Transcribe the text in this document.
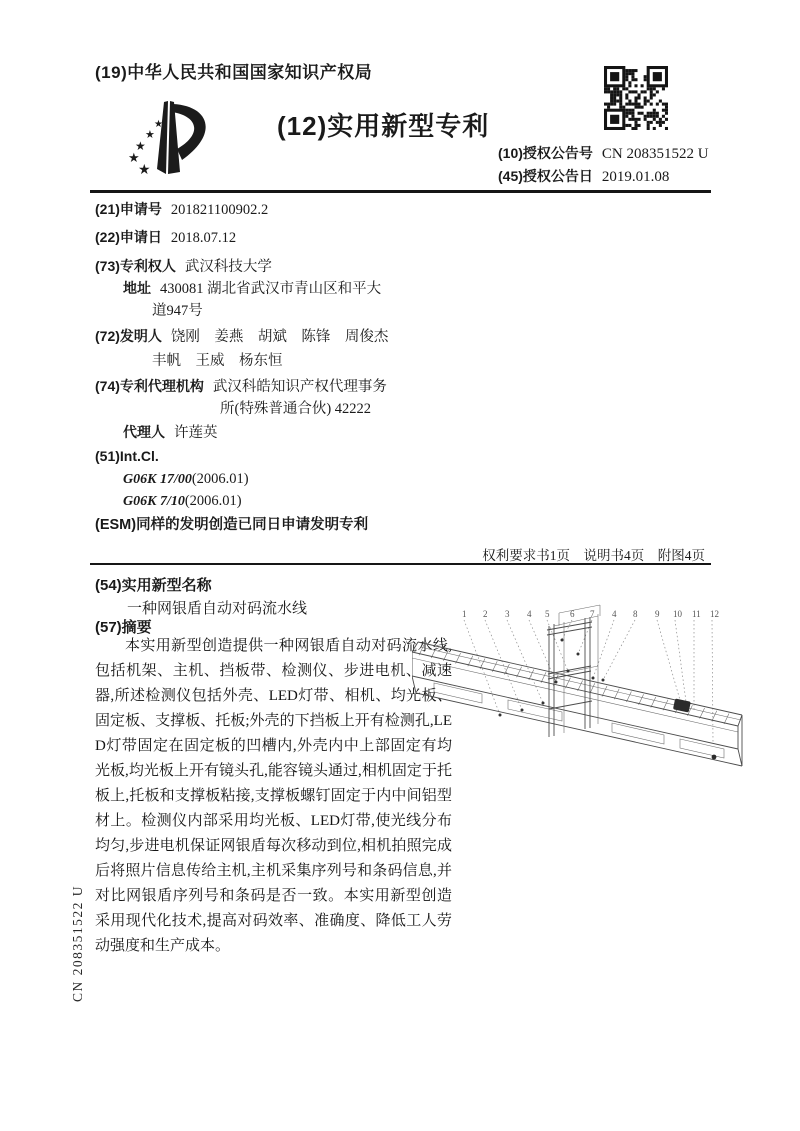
(19)中华人民共和国国家知识产权局
★
★
★
★
★
(12)实用新型专利
(10)授权公告号 CN 208351522 U
(45)授权公告日 2019.01.08
(21)申请号 201821100902.2
(22)申请日 2018.07.12
(73)专利权人 武汉科技大学
地址 430081 湖北省武汉市青山区和平大
道947号
(72)发明人 饶刚　姜燕　胡斌　陈锋　周俊杰
丰帆　王威　杨东恒
(74)专利代理机构 武汉科皓知识产权代理事务
所(特殊普通合伙) 42222
代理人 许莲英
(51)Int.Cl.
G06K 17/00(2006.01)
G06K 7/10(2006.01)
(ESM)同样的发明创造已同日申请发明专利
权利要求书1页　说明书4页　附图4页
(54)实用新型名称
一种网银盾自动对码流水线
(57)摘要
本实用新型创造提供一种网银盾自动对码流水线,包括机架、主机、挡板带、检测仪、步进电机、减速器,所述检测仪包括外壳、LED灯带、相机、均光板、固定板、支撑板、托板;外壳的下挡板上开有检测孔,LED灯带固定在固定板的凹槽内,外壳内中上部固定有均光板,均光板上开有镜头孔,能容镜头通过,相机固定于托板上,托板和支撑板粘接,支撑板螺钉固定于内中间铝型材上。检测仪内部采用均光板、LED灯带,使光线分布均匀,步进电机保证网银盾每次移动到位,相机拍照完成后将照片信息传给主机,主机采集序列号和条码信息,并对比网银盾序列号和条码是否一致。本实用新型创造采用现代化技术,提高对码效率、准确度、降低工人劳动强度和生产成本。
1 2 3 4 5 6 7 4 8 9 10 11 12
CN 208351522 U
